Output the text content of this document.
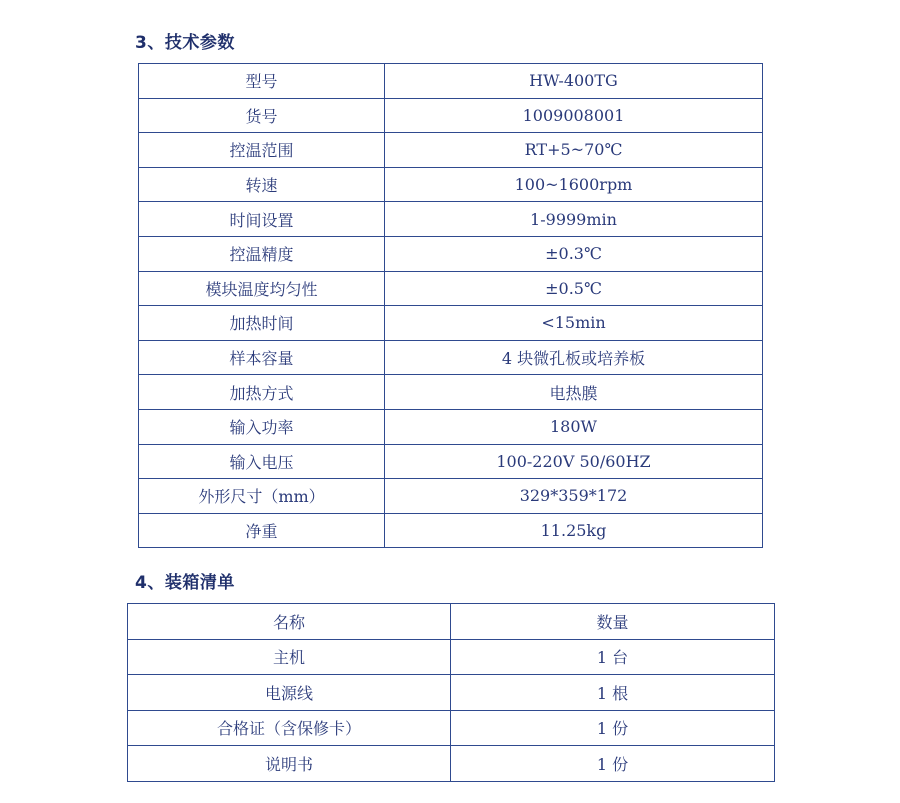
3、技术参数
型号	HW-400TG
货号	1009008001
控温范围	RT+5~70℃
转速	100~1600rpm
时间设置	1-9999min
控温精度	±0.3℃
模块温度均匀性	±0.5℃
加热时间	<15min
样本容量	4 块微孔板或培养板
加热方式	电热膜
输入功率	180W
输入电压	100-220V 50/60HZ
外形尺寸（mm）	329*359*172
净重	11.25kg
4、装箱清单
名称	数量
主机	1 台
电源线	1 根
合格证（含保修卡）	1 份
说明书	1 份
